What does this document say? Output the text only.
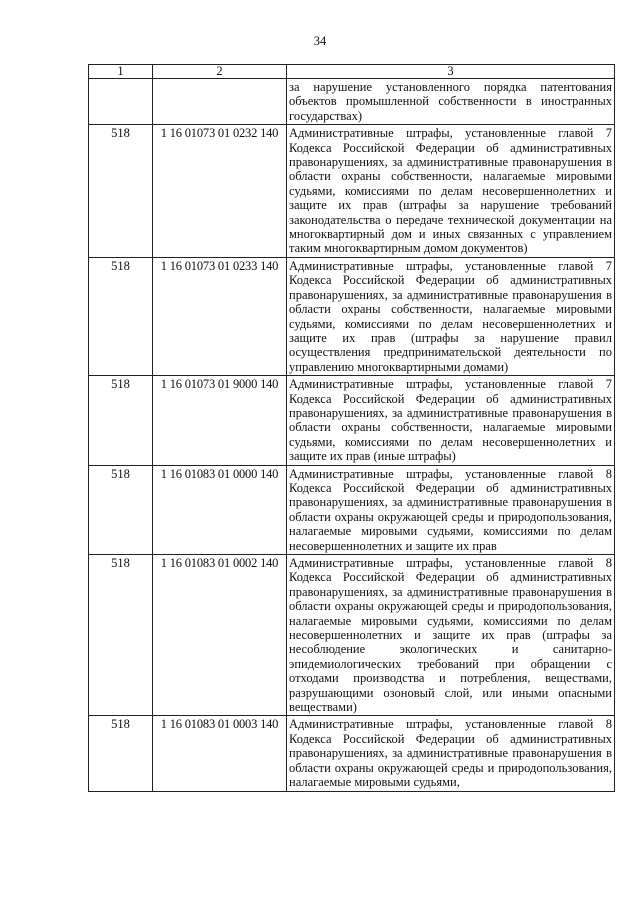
34
1	2	3
		за нарушение установленного порядка патентования объектов промышленной собственности в иностранных государствах)
518	1 16 01073 01 0232 140	Административные штрафы, установленные главой 7 Кодекса Российской Федерации об административных правонарушениях, за административные правонарушения в области охраны собственности, налагаемые мировыми судьями, комиссиями по делам несовершеннолетних и защите их прав (штрафы за нарушение требований законодательства о передаче технической документации на многоквартирный дом и иных связанных с управлением таким многоквартирным домом документов)
518	1 16 01073 01 0233 140	Административные штрафы, установленные главой 7 Кодекса Российской Федерации об административных правонарушениях, за административные правонарушения в области охраны собственности, налагаемые мировыми судьями, комиссиями по делам несовершеннолетних и защите их прав (штрафы за нарушение правил осуществления предпринимательской деятельности по управлению многоквартирными домами)
518	1 16 01073 01 9000 140	Административные штрафы, установленные главой 7 Кодекса Российской Федерации об административных правонарушениях, за административные правонарушения в области охраны собственности, налагаемые мировыми судьями, комиссиями по делам несовершеннолетних и защите их прав (иные штрафы)
518	1 16 01083 01 0000 140	Административные штрафы, установленные главой 8 Кодекса Российской Федерации об административных правонарушениях, за административные правонарушения в области охраны окружающей среды и природопользования, налагаемые мировыми судьями, комиссиями по делам несовершеннолетних и защите их прав
518	1 16 01083 01 0002 140	Административные штрафы, установленные главой 8 Кодекса Российской Федерации об административных правонарушениях, за административные правонарушения в области охраны окружающей среды и природопользования, налагаемые мировыми судьями, комиссиями по делам несовершеннолетних и защите их прав (штрафы за несоблюдение экологических и санитарно-эпидемиологических требований при обращении с отходами производства и потребления, веществами, разрушающими озоновый слой, или иными опасными веществами)
518	1 16 01083 01 0003 140	Административные штрафы, установленные главой 8 Кодекса Российской Федерации об административных правонарушениях, за административные правонарушения в области охраны окружающей среды и природопользования, налагаемые мировыми судьями,
